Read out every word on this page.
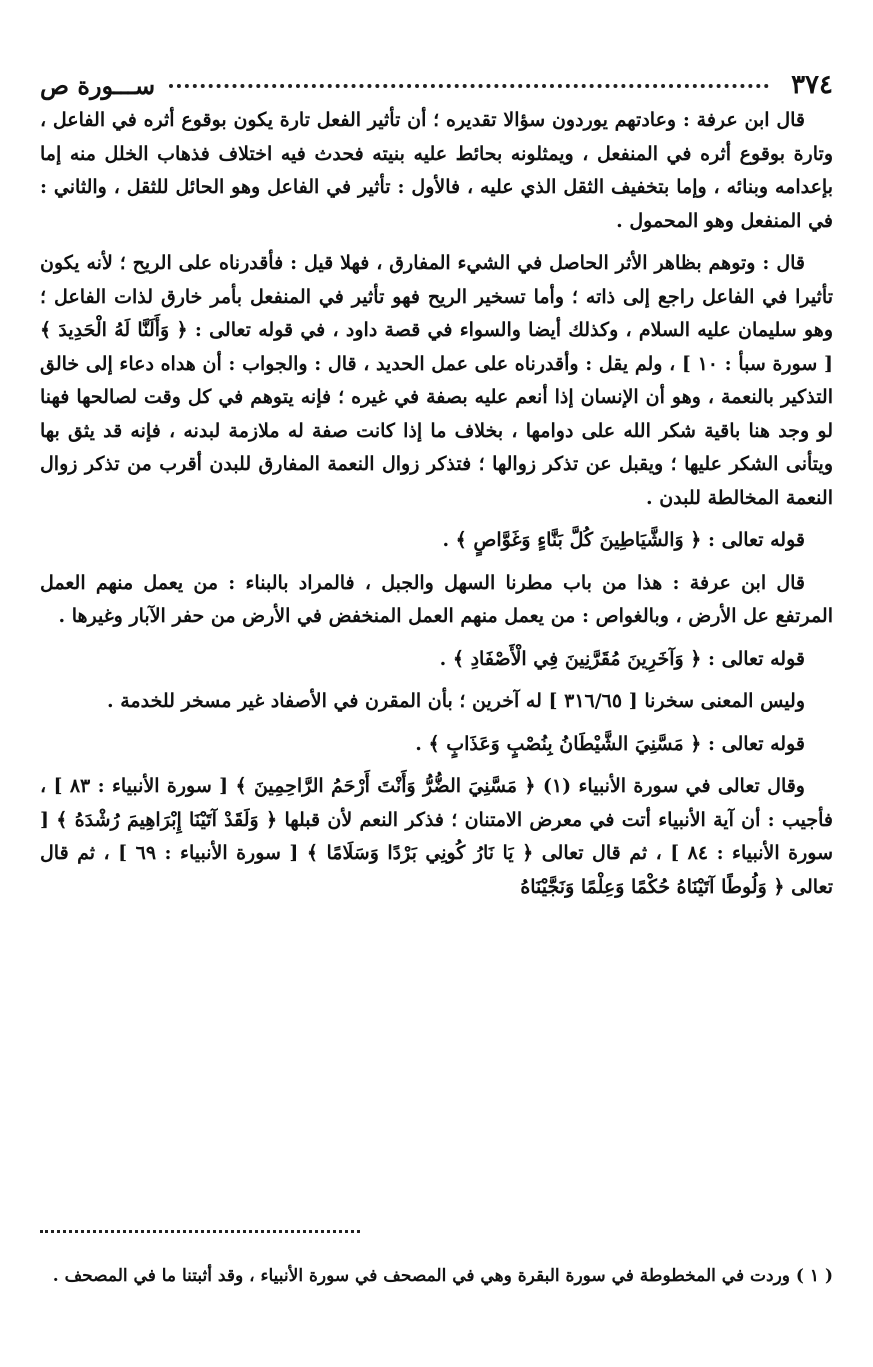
٣٧٤
ســـورة ص

قال ابن عرفة : وعادتهم يوردون سؤالا تقديره ؛ أن تأثير الفعل تارة يكون بوقوع أثره في الفاعل ، وتارة بوقوع أثره في المنفعل ، ويمثلونه بحائط عليه بنيته فحدث فيه اختلاف فذهاب الخلل منه إما بإعدامه وبنائه ، وإما بتخفيف الثقل الذي عليه ، فالأول : تأثير في الفاعل وهو الحائل للثقل ، والثاني : في المنفعل وهو المحمول .

قال : وتوهم بظاهر الأثر الحاصل في الشيء المفارق ، فهلا قيل : فأقدرناه على الريح ؛ لأنه يكون تأثيرا في الفاعل راجع إلى ذاته ؛ وأما تسخير الريح فهو تأثير في المنفعل بأمر خارق لذات الفاعل ؛ وهو سليمان عليه السلام ، وكذلك أيضا والسواء في قصة داود ، في قوله تعالى : ﴿ وَأَلَنَّا لَهُ الْحَدِيدَ ﴾ [ سورة سبأ : ١٠ ] ، ولم يقل : وأقدرناه على عمل الحديد ، قال : والجواب : أن هداه دعاء إلى خالق التذكير بالنعمة ، وهو أن الإنسان إذا أنعم عليه بصفة في غيره ؛ فإنه يتوهم في كل وقت لصالحها فهنا لو وجد هنا باقية شكر الله على دوامها ، بخلاف ما إذا كانت صفة له ملازمة لبدنه ، فإنه قد يثق بها ويتأنى الشكر عليها ؛ ويقبل عن تذكر زوالها ؛ فتذكر زوال النعمة المفارق للبدن أقرب من تذكر زوال النعمة المخالطة للبدن .

قوله تعالى : ﴿ وَالشَّيَاطِينَ كُلَّ بَنَّاءٍ وَغَوَّاصٍ ﴾ .

قال ابن عرفة : هذا من باب مطرنا السهل والجبل ، فالمراد بالبناء : من يعمل منهم العمل المرتفع عل الأرض ، وبالغواص : من يعمل منهم العمل المنخفض في الأرض من حفر الآبار وغيرها .

قوله تعالى : ﴿ وَآخَرِينَ مُقَرَّنِينَ فِي الْأَصْفَادِ ﴾ .

وليس المعنى سخرنا [ ٣١٦/٦٥ ] له آخرين ؛ بأن المقرن في الأصفاد غير مسخر للخدمة .

قوله تعالى : ﴿ مَسَّنِيَ الشَّيْطَانُ بِنُصْبٍ وَعَذَابٍ ﴾ .

وقال تعالى في سورة الأنبياء (١) ﴿ مَسَّنِيَ الضُّرُّ وَأَنْتَ أَرْحَمُ الرَّاحِمِينَ ﴾ [ سورة الأنبياء : ٨٣ ] ، فأجيب : أن آية الأنبياء أتت في معرض الامتنان ؛ فذكر النعم لأن قبلها ﴿ وَلَقَدْ آتَيْنَا إِبْرَاهِيمَ رُشْدَهُ ﴾ [ سورة الأنبياء : ٨٤ ] ، ثم قال تعالى ﴿ يَا نَارُ كُونِي بَرْدًا وَسَلَامًا ﴾ [ سورة الأنبياء : ٦٩ ] ، ثم قال تعالى ﴿ وَلُوطًا آتَيْنَاهُ حُكْمًا وَعِلْمًا وَنَجَّيْنَاهُ

( ١ ) وردت في المخطوطة في سورة البقرة وهي في المصحف في سورة الأنبياء ، وقد أثبتنا ما في المصحف .
